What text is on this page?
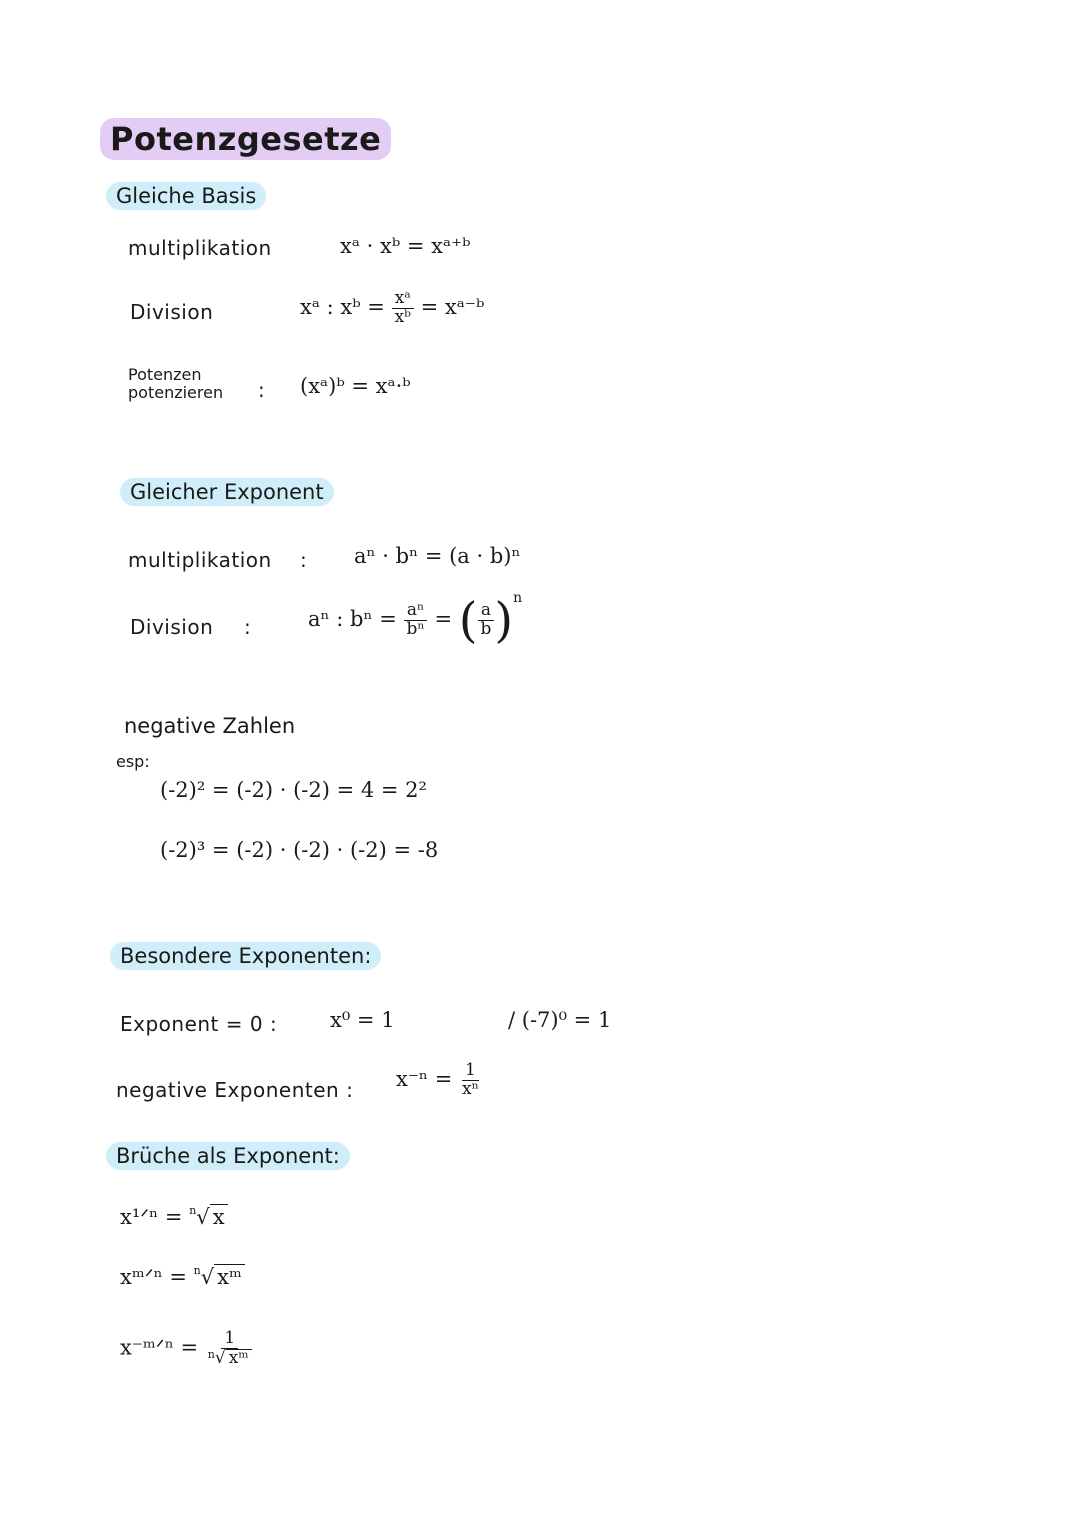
Potenzgesetze
Gleiche Basis
multiplikation	xᵃ · xᵇ = xᵃ⁺ᵇ
Division	xᵃ : xᵇ = $\frac{\text{xᵃ}}{\text{xᵇ}}$ = xᵃ⁻ᵇ
Potenzen
potenzieren : (xᵃ)ᵇ = xᵃ·ᵇ
Gleicher Exponent
multiplikation : aⁿ · bⁿ = (a · b)ⁿ
Division :	aⁿ : $b^n = \frac{\text{aⁿ}}{\text{bⁿ}}$ = ( $\frac{a}{b} )^n$
negative Zahlen
esp:
(-2)² = (-2) · (-2) = 4 = 2²
(-2)³ = (-2) · (-2) · (-2) = -8
Besondere Exponenten:
Exponent = 0 :	x⁰ = 1	/ (-7)⁰ = 1
negative Exponenten : $x^{-n} = \frac{1}{\text{xⁿ}}$
Brüche als Exponent:
x¹ᐟⁿ = $^n$√ x
xᵐᐟⁿ = $^n$√ xᵐ
x⁻ᵐᐟⁿ = $\frac{1}{^n√ xᵐ}$
